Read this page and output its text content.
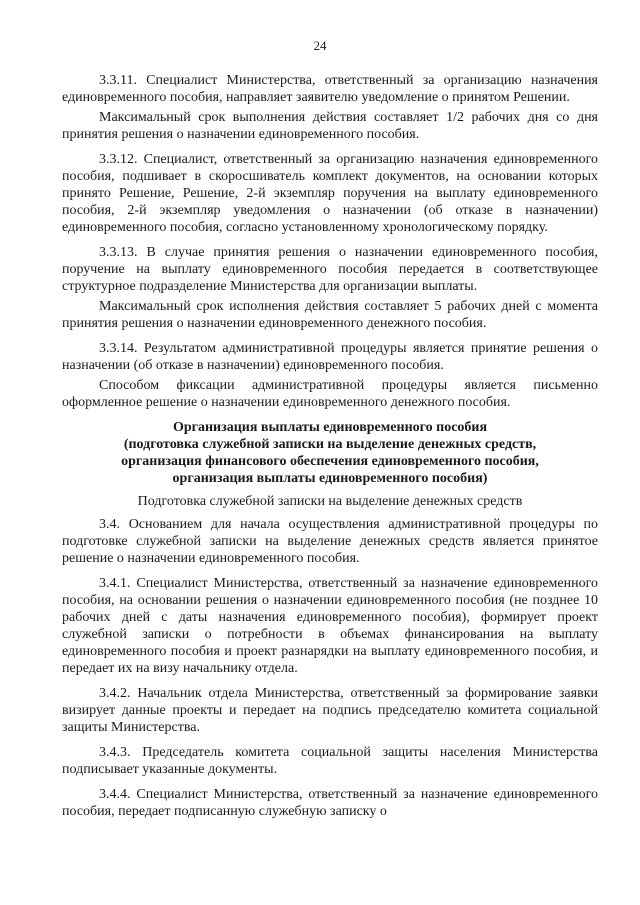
24

3.3.11. Специалист Министерства, ответственный за организацию назначения единовременного пособия, направляет заявителю уведомление о принятом Решении.

Максимальный срок выполнения действия составляет 1/2 рабочих дня со дня принятия решения о назначении единовременного пособия.

3.3.12. Специалист, ответственный за организацию назначения единовременного пособия, подшивает в скоросшиватель комплект документов, на основании которых принято Решение, Решение, 2-й экземпляр поручения на выплату единовременного пособия, 2-й экземпляр уведомления о назначении (об отказе в назначении) единовременного пособия, согласно установленному хронологическому порядку.

3.3.13. В случае принятия решения о назначении единовременного пособия, поручение на выплату единовременного пособия передается в соответствующее структурное подразделение Министерства для организации выплаты.

Максимальный срок исполнения действия составляет 5 рабочих дней с момента принятия решения о назначении единовременного денежного пособия.

3.3.14. Результатом административной процедуры является принятие решения о назначении (об отказе в назначении) единовременного пособия.

Способом фиксации административной процедуры является письменно оформленное решение о назначении единовременного денежного пособия.

Организация выплаты единовременного пособия
(подготовка служебной записки на выделение денежных средств,
организация финансового обеспечения единовременного пособия,
организация выплаты единовременного пособия)

Подготовка служебной записки на выделение денежных средств

3.4. Основанием для начала осуществления административной процедуры по подготовке служебной записки на выделение денежных средств является принятое решение о назначении единовременного пособия.

3.4.1. Специалист Министерства, ответственный за назначение единовременного пособия, на основании решения о назначении единовременного пособия (не позднее 10 рабочих дней с даты назначения единовременного пособия), формирует проект служебной записки о потребности в объемах финансирования на выплату единовременного пособия и проект разнарядки на выплату единовременного пособия, и передает их на визу начальнику отдела.

3.4.2. Начальник отдела Министерства, ответственный за формирование заявки визирует данные проекты и передает на подпись председателю комитета социальной защиты Министерства.

3.4.3. Председатель комитета социальной защиты населения Министерства подписывает указанные документы.

3.4.4. Специалист Министерства, ответственный за назначение единовременного пособия, передает подписанную служебную записку о
